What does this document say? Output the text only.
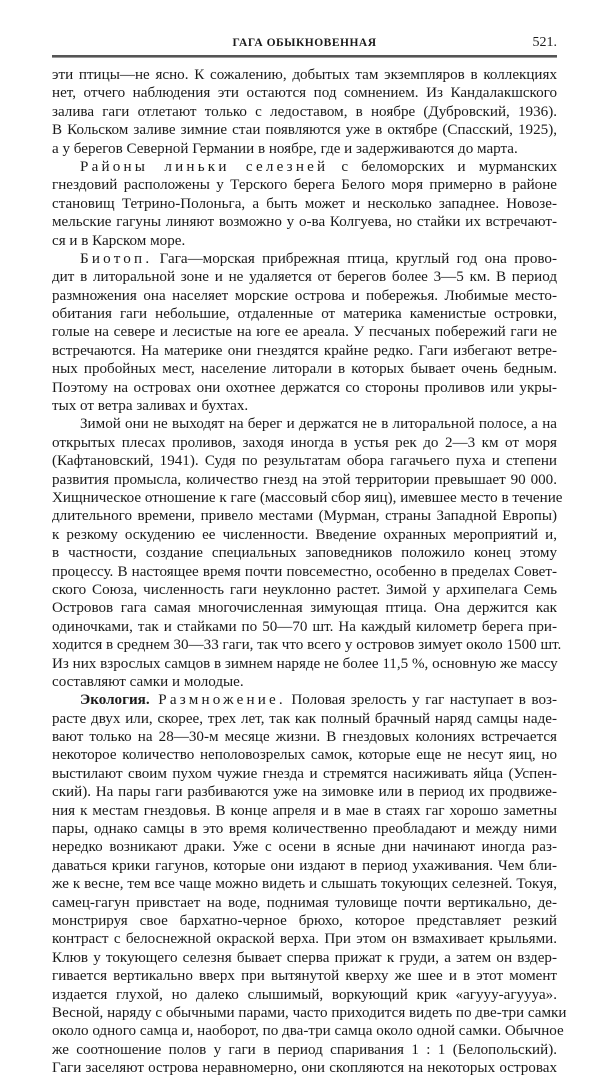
ГАГА ОБЫКНОВЕННАЯ	521.
эти птицы—не ясно. К сожалению, добытых там экземпляров в коллекциях
нет, отчего наблюдения эти остаются под сомнением. Из Кандалакшского
залива гаги отлетают только с ледоставом, в ноябре (Дубровский, 1936).
В Кольском заливе зимние стаи появляются уже в октябре (Спасский, 1925),
а у берегов Северной Германии в ноябре, где и задерживаются до марта.
Районы линьки селезней с беломорских и мурманских
гнездовий расположены у Терского берега Белого моря примерно в районе
становищ Тетрино-Полоньга, а быть может и несколько западнее. Новозе-
мельские гагуны линяют возможно у о-ва Колгуева, но стайки их встречают-
ся и в Карском море.
Биотоп. Гага—морская прибрежная птица, круглый год она прово-
дит в литоральной зоне и не удаляется от берегов более 3—5 км. В период
размножения она населяет морские острова и побережья. Любимые место-
обитания гаги небольшие, отдаленные от материка каменистые островки,
голые на севере и лесистые на юге ее ареала. У песчаных побережий гаги не
встречаются. На материке они гнездятся крайне редко. Гаги избегают ветре-
ных пробойных мест, население литорали в которых бывает очень бедным.
Поэтому на островах они охотнее держатся со стороны проливов или укры-
тых от ветра заливах и бухтах.
Зимой они не выходят на берег и держатся не в литоральной полосе, а на
открытых плесах проливов, заходя иногда в устья рек до 2—3 км от моря
(Кафтановский, 1941). Судя по результатам обора гагачьего пуха и степени
развития промысла, количество гнезд на этой территории превышает 90 000.
Хищническое отношение к гаге (массовый сбор яиц), имевшее место в течение
длительного времени, привело местами (Мурман, страны Западной Европы)
к резкому оскудению ее численности. Введение охранных мероприятий и,
в частности, создание специальных заповедников положило конец этому
процессу. В настоящее время почти повсеместно, особенно в пределах Совет-
ского Союза, численность гаги неуклонно растет. Зимой у архипелага Семь
Островов гага самая многочисленная зимующая птица. Она держится как
одиночками, так и стайками по 50—70 шт. На каждый километр берега при-
ходится в среднем 30—33 гаги, так что всего у островов зимует около 1500 шт.
Из них взрослых самцов в зимнем наряде не более 11,5 %, основную же массу
составляют самки и молодые.
Экология. Размножение. Половая зрелость у гаг наступает в воз-
расте двух или, скорее, трех лет, так как полный брачный наряд самцы наде-
вают только на 28—30-м месяце жизни. В гнездовых колониях встречается
некоторое количество неполовозрелых самок, которые еще не несут яиц, но
выстилают своим пухом чужие гнезда и стремятся насиживать яйца (Успен-
ский). На пары гаги разбиваются уже на зимовке или в период их продвиже-
ния к местам гнездовья. В конце апреля и в мае в стаях гаг хорошо заметны
пары, однако самцы в это время количественно преобладают и между ними
нередко возникают драки. Уже с осени в ясные дни начинают иногда раз-
даваться крики гагунов, которые они издают в период ухаживания. Чем бли-
же к весне, тем все чаще можно видеть и слышать токующих селезней. Токуя,
самец-гагун привстает на воде, поднимая туловище почти вертикально, де-
монстрируя свое бархатно-черное брюхо, которое представляет резкий
контраст с белоснежной окраской верха. При этом он взмахивает крыльями.
Клюв у токующего селезня бывает сперва прижат к груди, а затем он вздер-
гивается вертикально вверх при вытянутой кверху же шее и в этот момент
издается глухой, но далеко слышимый, воркующий крик «агууу-агуууа».
Весной, наряду с обычными парами, часто приходится видеть по две-три самки
около одного самца и, наоборот, по два-три самца около одной самки. Обычное
же соотношение полов у гаги в период спаривания 1 : 1 (Белопольский).
Гаги заселяют острова неравномерно, они скопляются на некоторых островах
